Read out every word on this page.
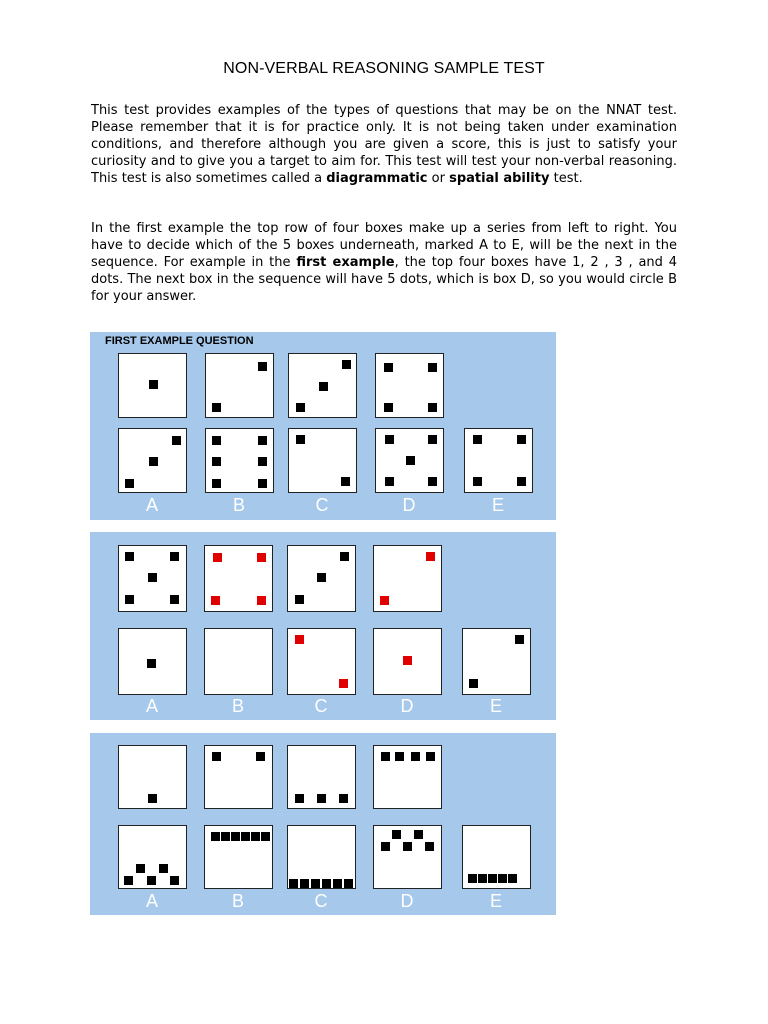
NON-VERBAL REASONING SAMPLE TEST

This test provides examples of the types of questions that may be on the NNAT test. Please remember that it is for practice only. It is not being taken under examination conditions, and therefore although you are given a score, this is just to satisfy your curiosity and to give you a target to aim for. This test will test your non-verbal reasoning. This test is also sometimes called a diagrammatic or spatial ability test.

In the first example the top row of four boxes make up a series from left to right. You have to decide which of the 5 boxes underneath, marked A to E, will be the next in the sequence. For example in the first example, the top four boxes have 1, 2 , 3 , and 4 dots. The next box in the sequence will have 5 dots, which is box D, so you would circle B for your answer.

FIRST EXAMPLE QUESTION
A	B	C	D	E
A	B	C	D	E
A	B	C	D	E
